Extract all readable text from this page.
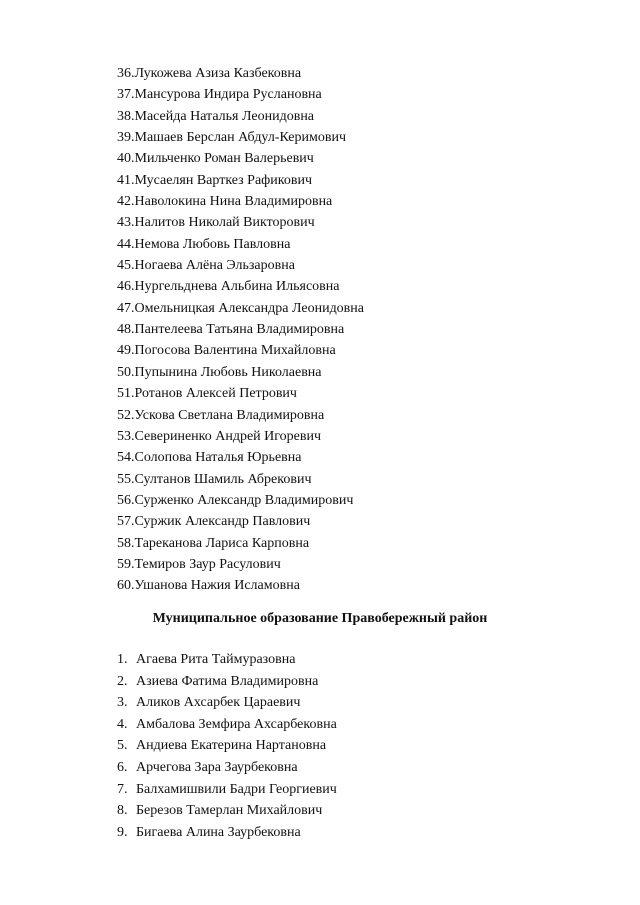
36.Лукожева Азиза Казбековна
37.Мансурова Индира Руслановна
38.Масейда Наталья Леонидовна
39.Машаев Берслан Абдул-Керимович
40.Мильченко Роман Валерьевич
41.Мусаелян Варткез Рафикович
42.Наволокина Нина Владимировна
43.Налитов Николай Викторович
44.Немова Любовь Павловна
45.Ногаева Алёна Эльзаровна
46.Нургельднева Альбина Ильясовна
47.Омельницкая Александра Леонидовна
48.Пантелеева Татьяна Владимировна
49.Погосова Валентина Михайловна
50.Пупынина Любовь Николаевна
51.Ротанов Алексей Петрович
52.Ускова Светлана Владимировна
53.Севериненко Андрей Игоревич
54.Солопова Наталья Юрьевна
55.Султанов Шамиль Абрекович
56.Сурженко Александр Владимирович
57.Суржик Александр Павлович
58.Тареканова Лариса Карповна
59.Темиров Заур Расулович
60.Ушанова Нажия Исламовна
Муниципальное образование Правобережный район
1. Агаева Рита Таймуразовна
2. Азиева Фатима Владимировна
3. Аликов Ахсарбек Цараевич
4. Амбалова Земфира Ахсарбековна
5. Андиева Екатерина Нартановна
6. Арчегова Зара Заурбековна
7. Балхамишвили Бадри Георгиевич
8. Березов Тамерлан Михайлович
9. Бигаева Алина Заурбековна
